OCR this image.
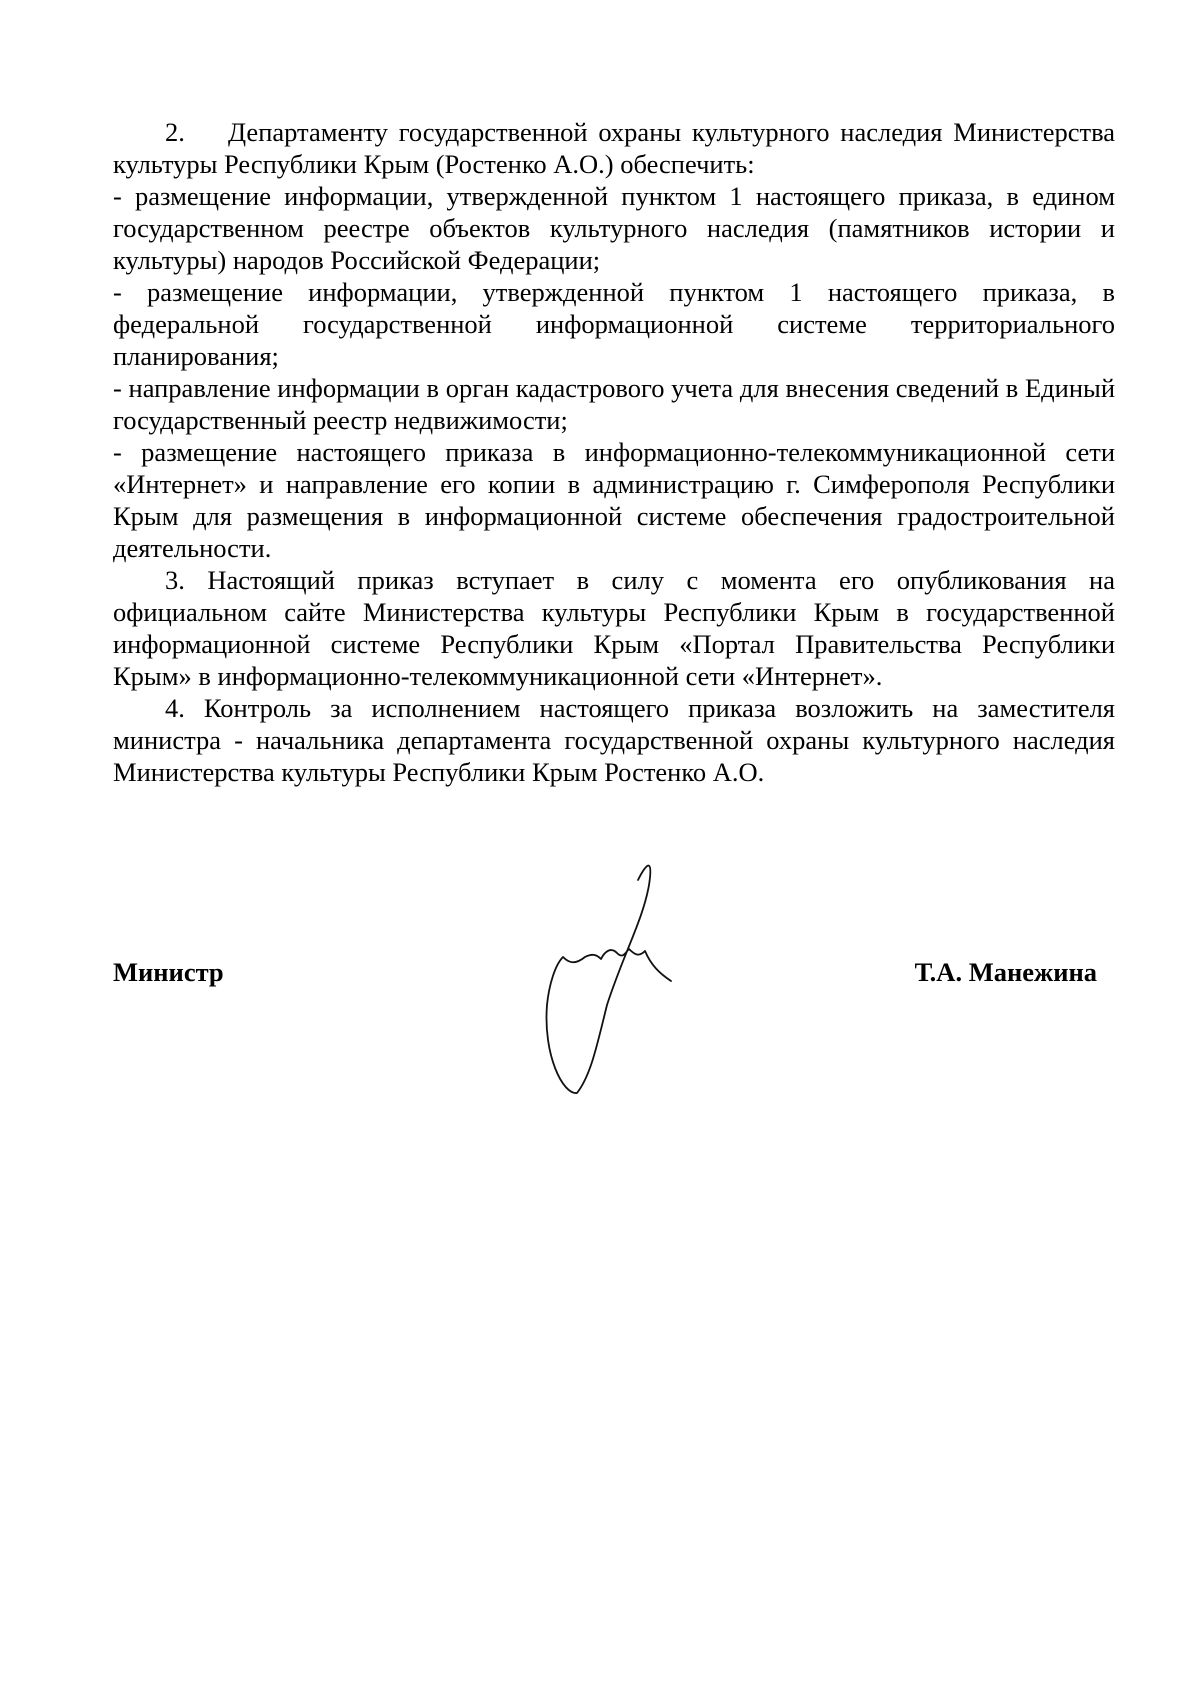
2.    Департаменту государственной охраны культурного наследия Министерства культуры Республики Крым (Ростенко А.О.) обеспечить:

- размещение информации, утвержденной пунктом 1 настоящего приказа, в едином государственном реестре объектов культурного наследия (памятников истории и культуры) народов Российской Федерации;

- размещение информации, утвержденной пунктом 1 настоящего приказа, в федеральной государственной информационной системе территориального планирования;

- направление информации в орган кадастрового учета для внесения сведений в Единый государственный реестр недвижимости;

- размещение настоящего приказа в информационно-телекоммуникационной сети «Интернет» и направление его копии в администрацию г. Симферополя Республики Крым для размещения в информационной системе обеспечения градостроительной деятельности.

3. Настоящий приказ вступает в силу с момента его опубликования на официальном сайте Министерства культуры Республики Крым в государственной информационной системе Республики Крым «Портал Правительства Республики Крым» в информационно-телекоммуникационной сети «Интернет».

4. Контроль за исполнением настоящего приказа возложить на заместителя министра - начальника департамента государственной охраны культурного наследия Министерства культуры Республики Крым Ростенко А.О.

Министр	Т.А. Манежина
